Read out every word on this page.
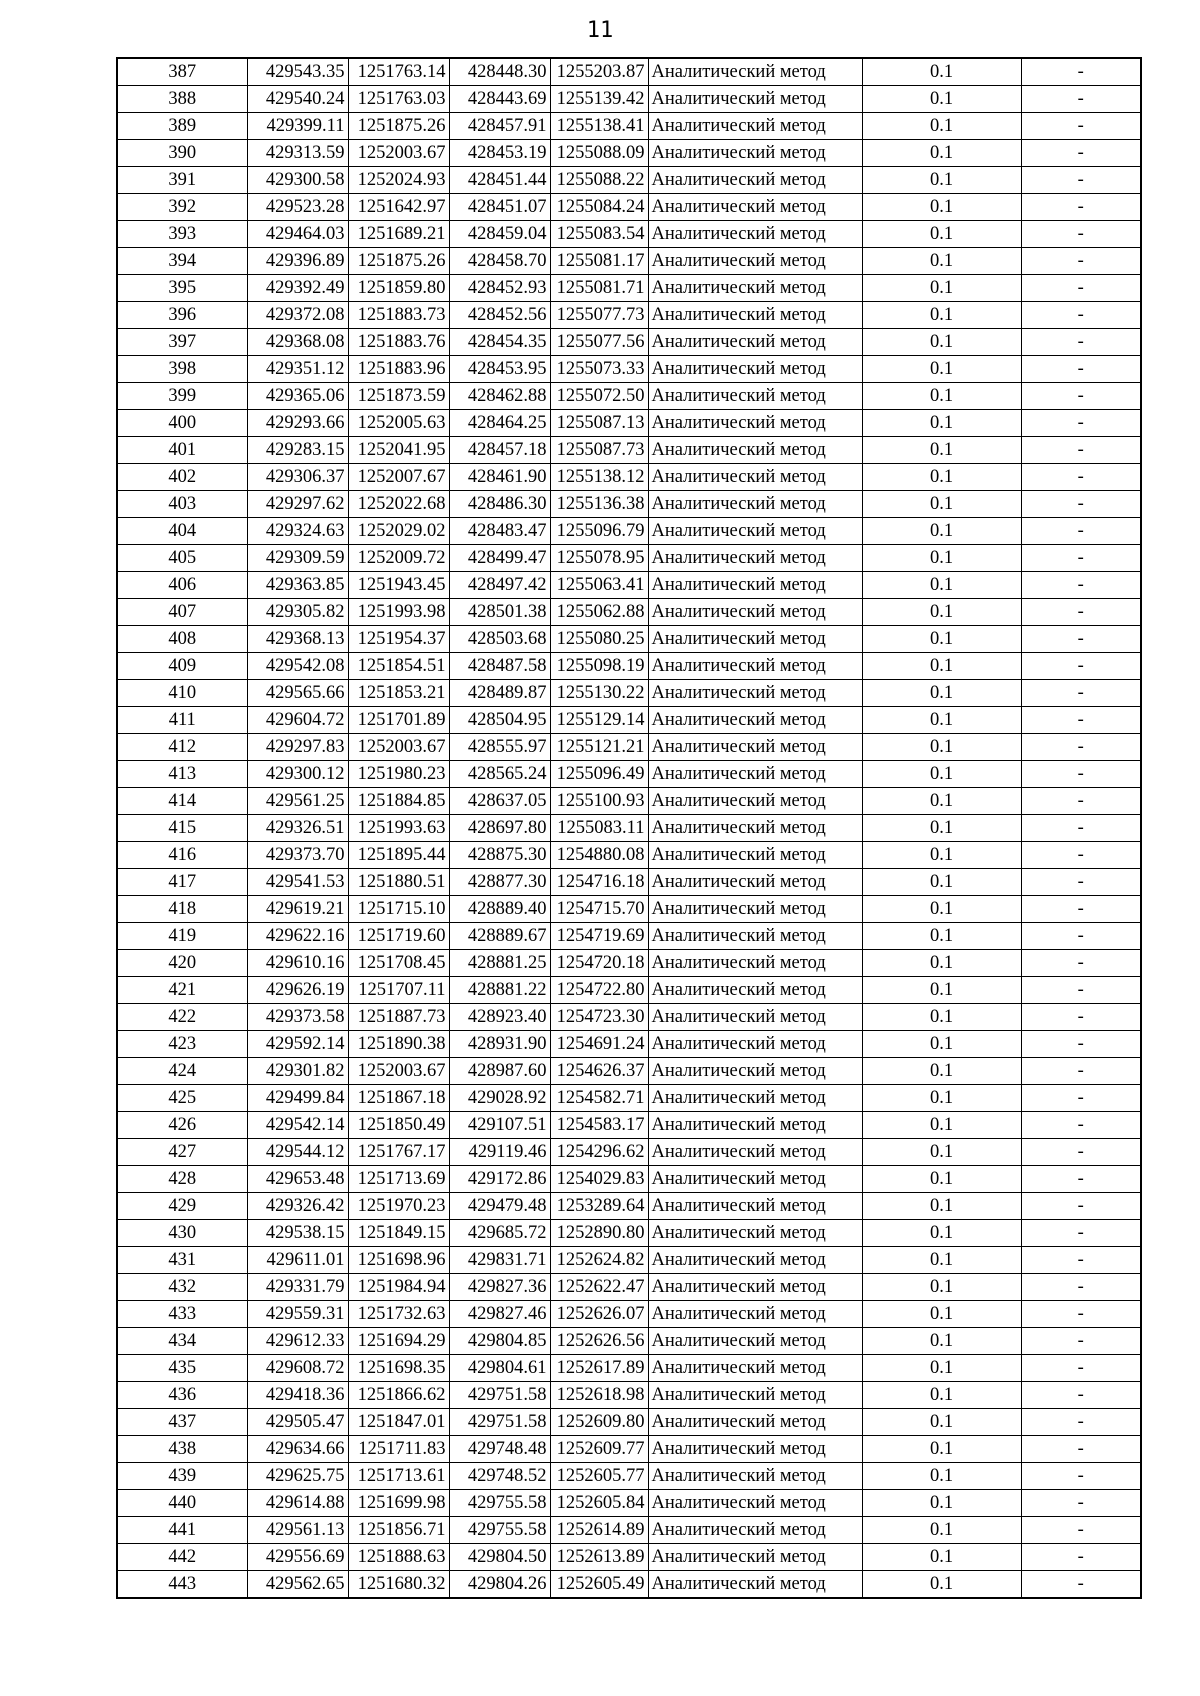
11
387	429543.35	1251763.14	428448.30	1255203.87	Аналитический метод	0.1	-
388	429540.24	1251763.03	428443.69	1255139.42	Аналитический метод	0.1	-
389	429399.11	1251875.26	428457.91	1255138.41	Аналитический метод	0.1	-
390	429313.59	1252003.67	428453.19	1255088.09	Аналитический метод	0.1	-
391	429300.58	1252024.93	428451.44	1255088.22	Аналитический метод	0.1	-
392	429523.28	1251642.97	428451.07	1255084.24	Аналитический метод	0.1	-
393	429464.03	1251689.21	428459.04	1255083.54	Аналитический метод	0.1	-
394	429396.89	1251875.26	428458.70	1255081.17	Аналитический метод	0.1	-
395	429392.49	1251859.80	428452.93	1255081.71	Аналитический метод	0.1	-
396	429372.08	1251883.73	428452.56	1255077.73	Аналитический метод	0.1	-
397	429368.08	1251883.76	428454.35	1255077.56	Аналитический метод	0.1	-
398	429351.12	1251883.96	428453.95	1255073.33	Аналитический метод	0.1	-
399	429365.06	1251873.59	428462.88	1255072.50	Аналитический метод	0.1	-
400	429293.66	1252005.63	428464.25	1255087.13	Аналитический метод	0.1	-
401	429283.15	1252041.95	428457.18	1255087.73	Аналитический метод	0.1	-
402	429306.37	1252007.67	428461.90	1255138.12	Аналитический метод	0.1	-
403	429297.62	1252022.68	428486.30	1255136.38	Аналитический метод	0.1	-
404	429324.63	1252029.02	428483.47	1255096.79	Аналитический метод	0.1	-
405	429309.59	1252009.72	428499.47	1255078.95	Аналитический метод	0.1	-
406	429363.85	1251943.45	428497.42	1255063.41	Аналитический метод	0.1	-
407	429305.82	1251993.98	428501.38	1255062.88	Аналитический метод	0.1	-
408	429368.13	1251954.37	428503.68	1255080.25	Аналитический метод	0.1	-
409	429542.08	1251854.51	428487.58	1255098.19	Аналитический метод	0.1	-
410	429565.66	1251853.21	428489.87	1255130.22	Аналитический метод	0.1	-
411	429604.72	1251701.89	428504.95	1255129.14	Аналитический метод	0.1	-
412	429297.83	1252003.67	428555.97	1255121.21	Аналитический метод	0.1	-
413	429300.12	1251980.23	428565.24	1255096.49	Аналитический метод	0.1	-
414	429561.25	1251884.85	428637.05	1255100.93	Аналитический метод	0.1	-
415	429326.51	1251993.63	428697.80	1255083.11	Аналитический метод	0.1	-
416	429373.70	1251895.44	428875.30	1254880.08	Аналитический метод	0.1	-
417	429541.53	1251880.51	428877.30	1254716.18	Аналитический метод	0.1	-
418	429619.21	1251715.10	428889.40	1254715.70	Аналитический метод	0.1	-
419	429622.16	1251719.60	428889.67	1254719.69	Аналитический метод	0.1	-
420	429610.16	1251708.45	428881.25	1254720.18	Аналитический метод	0.1	-
421	429626.19	1251707.11	428881.22	1254722.80	Аналитический метод	0.1	-
422	429373.58	1251887.73	428923.40	1254723.30	Аналитический метод	0.1	-
423	429592.14	1251890.38	428931.90	1254691.24	Аналитический метод	0.1	-
424	429301.82	1252003.67	428987.60	1254626.37	Аналитический метод	0.1	-
425	429499.84	1251867.18	429028.92	1254582.71	Аналитический метод	0.1	-
426	429542.14	1251850.49	429107.51	1254583.17	Аналитический метод	0.1	-
427	429544.12	1251767.17	429119.46	1254296.62	Аналитический метод	0.1	-
428	429653.48	1251713.69	429172.86	1254029.83	Аналитический метод	0.1	-
429	429326.42	1251970.23	429479.48	1253289.64	Аналитический метод	0.1	-
430	429538.15	1251849.15	429685.72	1252890.80	Аналитический метод	0.1	-
431	429611.01	1251698.96	429831.71	1252624.82	Аналитический метод	0.1	-
432	429331.79	1251984.94	429827.36	1252622.47	Аналитический метод	0.1	-
433	429559.31	1251732.63	429827.46	1252626.07	Аналитический метод	0.1	-
434	429612.33	1251694.29	429804.85	1252626.56	Аналитический метод	0.1	-
435	429608.72	1251698.35	429804.61	1252617.89	Аналитический метод	0.1	-
436	429418.36	1251866.62	429751.58	1252618.98	Аналитический метод	0.1	-
437	429505.47	1251847.01	429751.58	1252609.80	Аналитический метод	0.1	-
438	429634.66	1251711.83	429748.48	1252609.77	Аналитический метод	0.1	-
439	429625.75	1251713.61	429748.52	1252605.77	Аналитический метод	0.1	-
440	429614.88	1251699.98	429755.58	1252605.84	Аналитический метод	0.1	-
441	429561.13	1251856.71	429755.58	1252614.89	Аналитический метод	0.1	-
442	429556.69	1251888.63	429804.50	1252613.89	Аналитический метод	0.1	-
443	429562.65	1251680.32	429804.26	1252605.49	Аналитический метод	0.1	-
